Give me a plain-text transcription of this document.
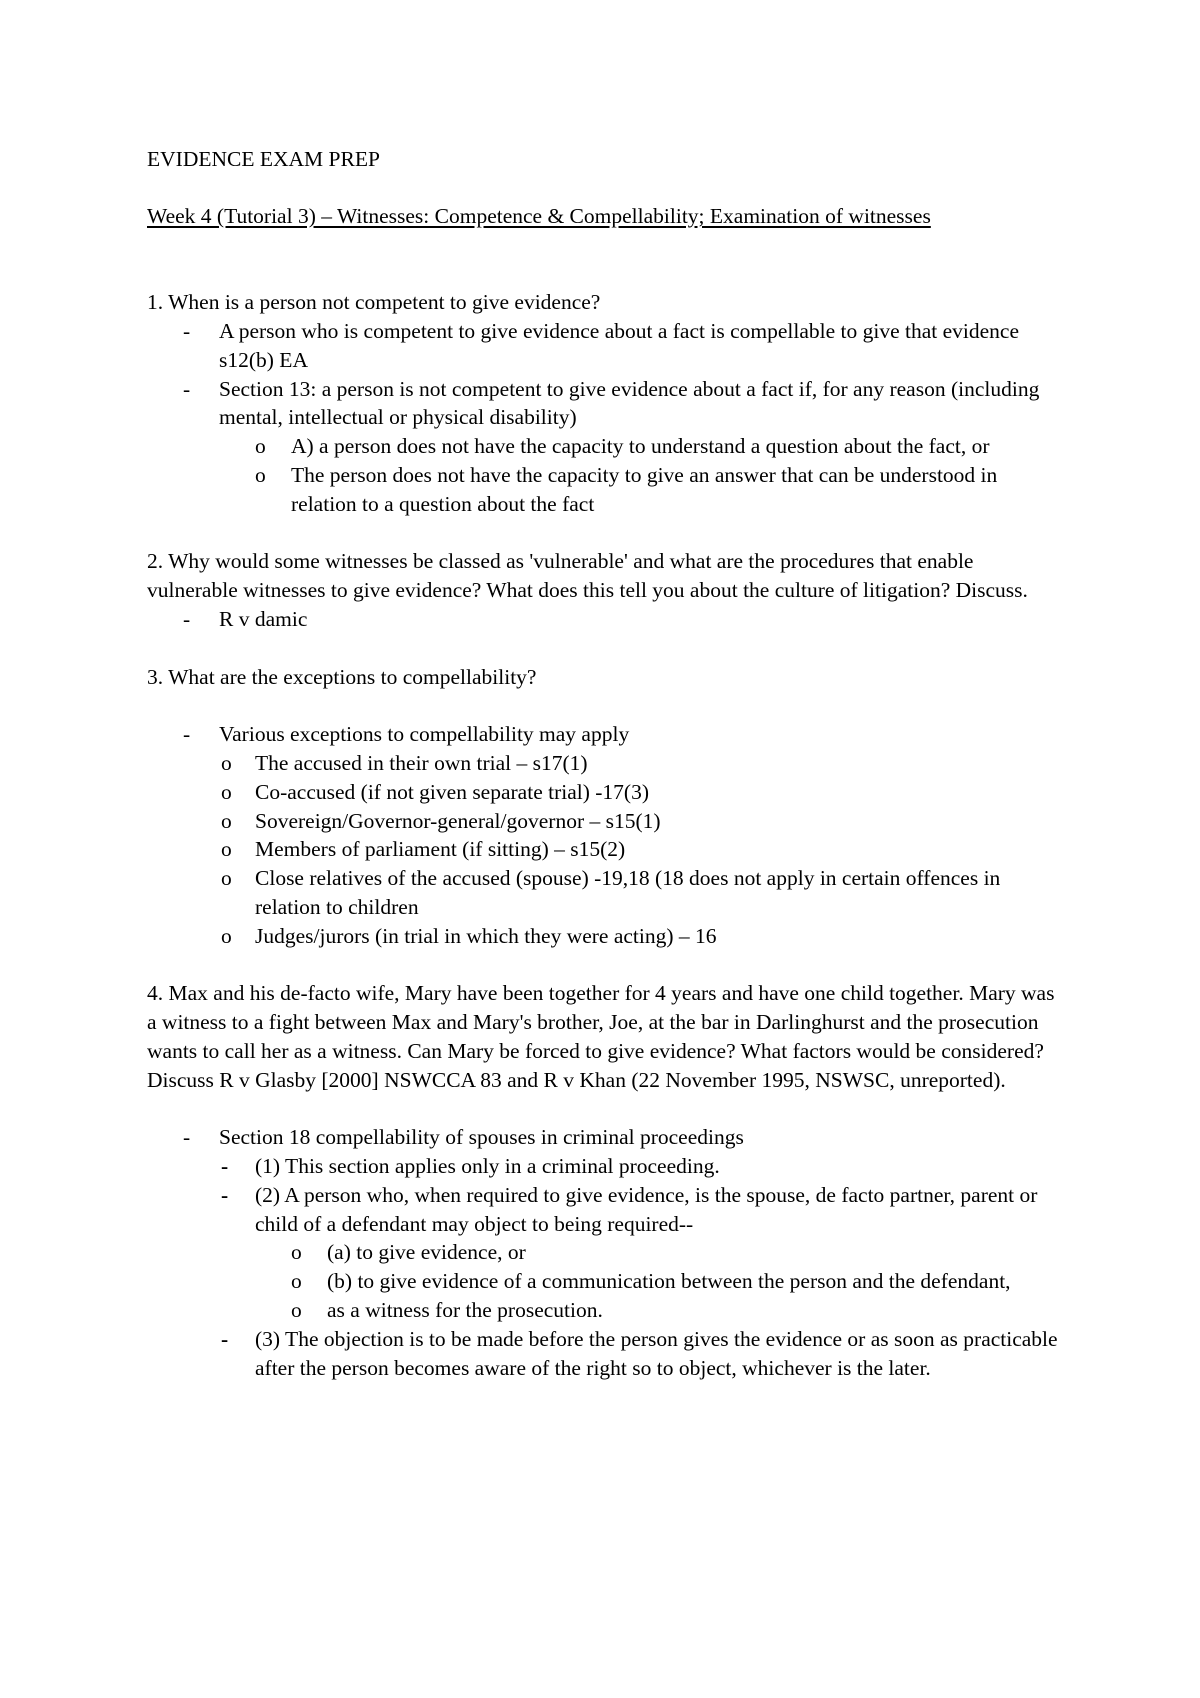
EVIDENCE EXAM PREP

Week 4 (Tutorial 3) – Witnesses: Competence & Compellability; Examination of witnesses

1. When is a person not competent to give evidence?

- A person who is competent to give evidence about a fact is compellable to give that evidence s12(b) EA
- Section 13: a person is not competent to give evidence about a fact if, for any reason (including mental, intellectual or physical disability)
o A) a person does not have the capacity to understand a question about the fact, or
o The person does not have the capacity to give an answer that can be understood in relation to a question about the fact

2. Why would some witnesses be classed as 'vulnerable' and what are the procedures that enable vulnerable witnesses to give evidence? What does this tell you about the culture of litigation? Discuss.

- R v damic

3. What are the exceptions to compellability?

- Various exceptions to compellability may apply
o The accused in their own trial – s17(1)
o Co-accused (if not given separate trial) -17(3)
o Sovereign/Governor-general/governor – s15(1)
o Members of parliament (if sitting) – s15(2)
o Close relatives of the accused (spouse) -19,18 (18 does not apply in certain offences in relation to children
o Judges/jurors (in trial in which they were acting) – 16

4. Max and his de-facto wife, Mary have been together for 4 years and have one child together. Mary was a witness to a fight between Max and Mary's brother, Joe, at the bar in Darlinghurst and the prosecution wants to call her as a witness. Can Mary be forced to give evidence? What factors would be considered? Discuss R v Glasby [2000] NSWCCA 83 and R v Khan (22 November 1995, NSWSC, unreported).

- Section 18 compellability of spouses in criminal proceedings
- (1) This section applies only in a criminal proceeding.
- (2) A person who, when required to give evidence, is the spouse, de facto partner, parent or child of a defendant may object to being required--
o (a) to give evidence, or
o (b) to give evidence of a communication between the person and the defendant,
o as a witness for the prosecution.
- (3) The objection is to be made before the person gives the evidence or as soon as practicable after the person becomes aware of the right so to object, whichever is the later.
